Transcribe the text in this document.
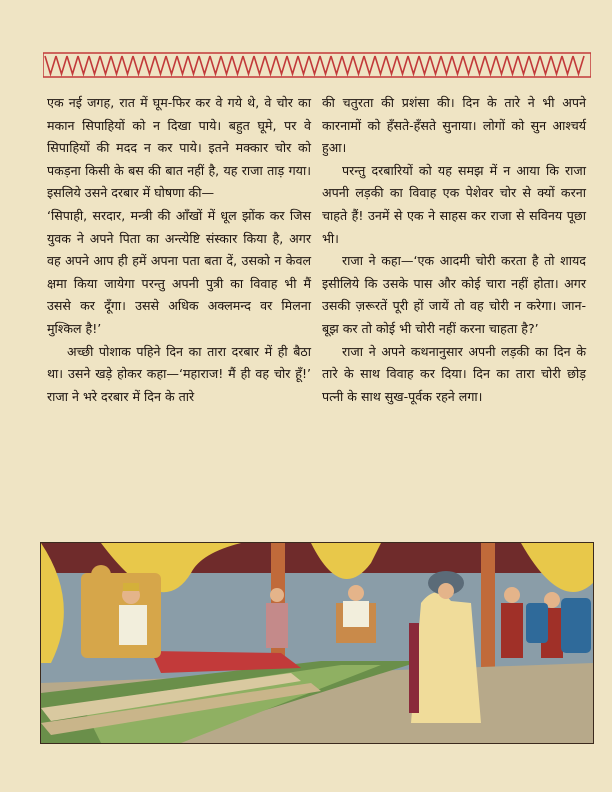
एक नई जगह, रात में घूम-फिर कर वे गये थे, वे चोर का मकान सिपाहियों को न दिखा पाये। बहुत घूमे, पर वे सिपाहियों की मदद न कर पाये। इतने मक्कार चोर को पकड़ना किसी के बस की बात नहीं है, यह राजा ताड़ गया। इसलिये उसने दरबार में घोषणा की—

‘सिपाही, सरदार, मन्त्री की आँखों में धूल झोंक कर जिस युवक ने अपने पिता का अन्त्येष्टि संस्कार किया है, अगर वह अपने आप ही हमें अपना पता बता दें, उसको न केवल क्षमा किया जायेगा परन्तु अपनी पुत्री का विवाह भी मैं उससे कर दूँगा। उससे अधिक अक्लमन्द वर मिलना मुश्किल है!’

अच्छी पोशाक पहिने दिन का तारा दरबार में ही बैठा था। उसने खड़े होकर कहा—‘महाराज! मैं ही वह चोर हूँ!’ राजा ने भरे दरबार में दिन के तारे

की चतुरता की प्रशंसा की। दिन के तारे ने भी अपने कारनामों को हँसते-हँसते सुनाया। लोगों को सुन आश्चर्य हुआ।

परन्तु दरबारियों को यह समझ में न आया कि राजा अपनी लड़की का विवाह एक पेशेवर चोर से क्यों करना चाहते हैं! उनमें से एक ने साहस कर राजा से सविनय पूछा भी।

राजा ने कहा—‘एक आदमी चोरी करता है तो शायद इसीलिये कि उसके पास और कोई चारा नहीं होता। अगर उसकी ज़रूरतें पूरी हों जायें तो वह चोरी न करेगा। जान-बूझ कर तो कोई भी चोरी नहीं करना चाहता है?’

राजा ने अपने कथनानुसार अपनी लड़की का दिन के तारे के साथ विवाह कर दिया। दिन का तारा चोरी छोड़ पत्नी के साथ सुख-पूर्वक रहने लगा।
